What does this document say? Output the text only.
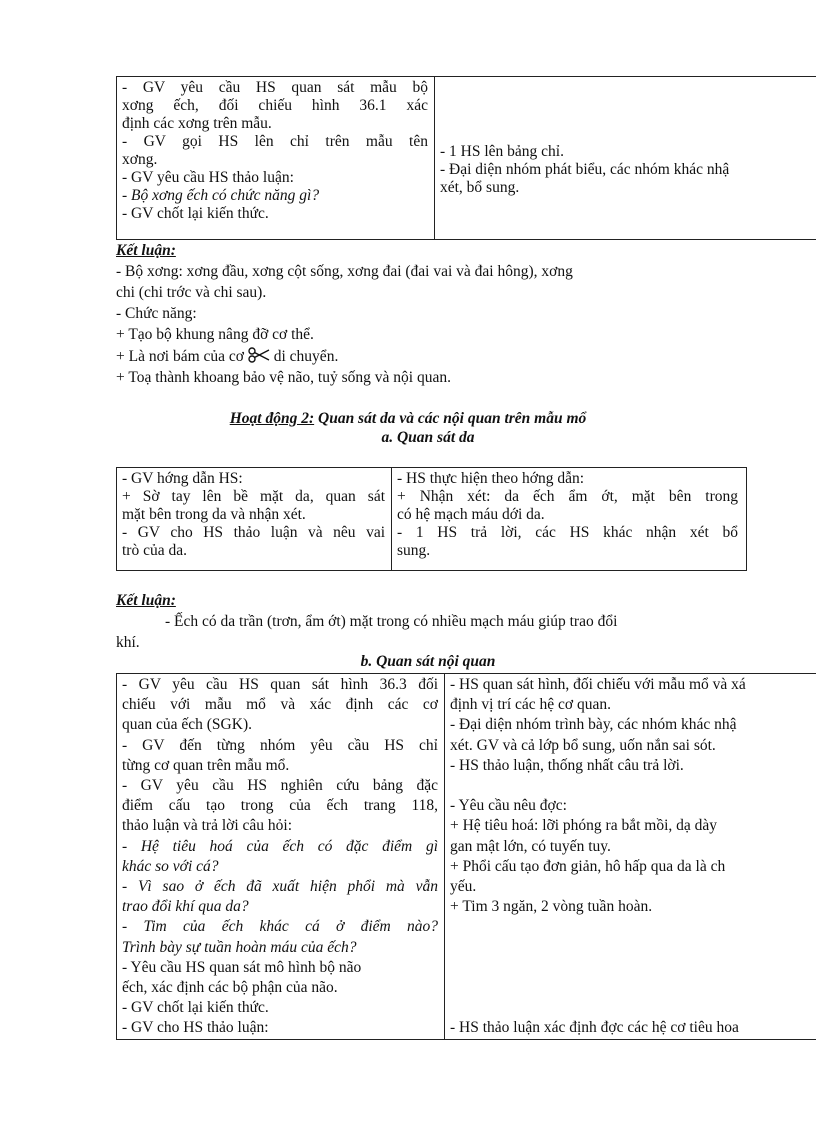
- GV yêu cầu HS quan sát mẫu bộ
xơng ếch, đối chiếu hình 36.1 xác
định các xơng trên mẫu.
- GV gọi HS lên chỉ trên mẫu tên
xơng.
- GV yêu cầu HS thảo luận:
- Bộ xơng ếch có chức năng gì?
- GV chốt lại kiến thức.
- 1 HS lên bảng chỉ.
- Đại diện nhóm phát biểu, các nhóm khác nhậ
xét, bổ sung.
Kết luận:
- Bộ xơng: xơng đầu, xơng cột sống, xơng đai (đai vai và đai hông), xơng
chi (chi trớc và chi sau).
- Chức năng:
+ Tạo bộ khung nâng đỡ cơ thể.
+ Là nơi bám của cơ di chuyển.
+ Toạ thành khoang bảo vệ não, tuỷ sống và nội quan.
Hoạt động 2: Quan sát da và các nội quan trên mẫu mổ
a. Quan sát da
- GV hớng dẫn HS:
+ Sờ tay lên bề mặt da, quan sát
mặt bên trong da và nhận xét.
- GV cho HS thảo luận và nêu vai
trò của da.
- HS thực hiện theo hớng dẫn:
+ Nhận xét: da ếch ẩm ớt, mặt bên trong
có hệ mạch máu dới da.
- 1 HS trả lời, các HS khác nhận xét bổ
sung.
Kết luận:
- Ếch có da trần (trơn, ẩm ớt) mặt trong có nhiều mạch máu giúp trao đổi
khí.
b. Quan sát nội quan
- GV yêu cầu HS quan sát hình 36.3 đối
chiếu với mẫu mổ và xác định các cơ
quan của ếch (SGK).
- GV đến từng nhóm yêu cầu HS chỉ
từng cơ quan trên mẫu mổ.
- GV yêu cầu HS nghiên cứu bảng đặc
điểm cấu tạo trong của ếch trang 118,
thảo luận và trả lời câu hỏi:
- Hệ tiêu hoá của ếch có đặc điểm gì
khác so với cá?
- Vì sao ở ếch đã xuất hiện phổi mà vẫn
trao đổi khí qua da?
- Tim của ếch khác cá ở điểm nào?
Trình bày sự tuần hoàn máu của ếch?
- Yêu cầu HS quan sát mô hình bộ não
ếch, xác định các bộ phận của não.
- GV chốt lại kiến thức.
- GV cho HS thảo luận:
- HS quan sát hình, đối chiếu với mẫu mổ và xá
định vị trí các hệ cơ quan.
- Đại diện nhóm trình bày, các nhóm khác nhậ
xét. GV và cả lớp bổ sung, uốn nắn sai sót.
- HS thảo luận, thống nhất câu trả lời.
- Yêu cầu nêu đợc:
+ Hệ tiêu hoá: lỡi phóng ra bắt mồi, dạ dày
gan mật lớn, có tuyến tuy.
+ Phổi cấu tạo đơn giản, hô hấp qua da là ch
yếu.
+ Tim 3 ngăn, 2 vòng tuần hoàn.
- HS thảo luận xác định đợc các hệ cơ tiêu hoa
